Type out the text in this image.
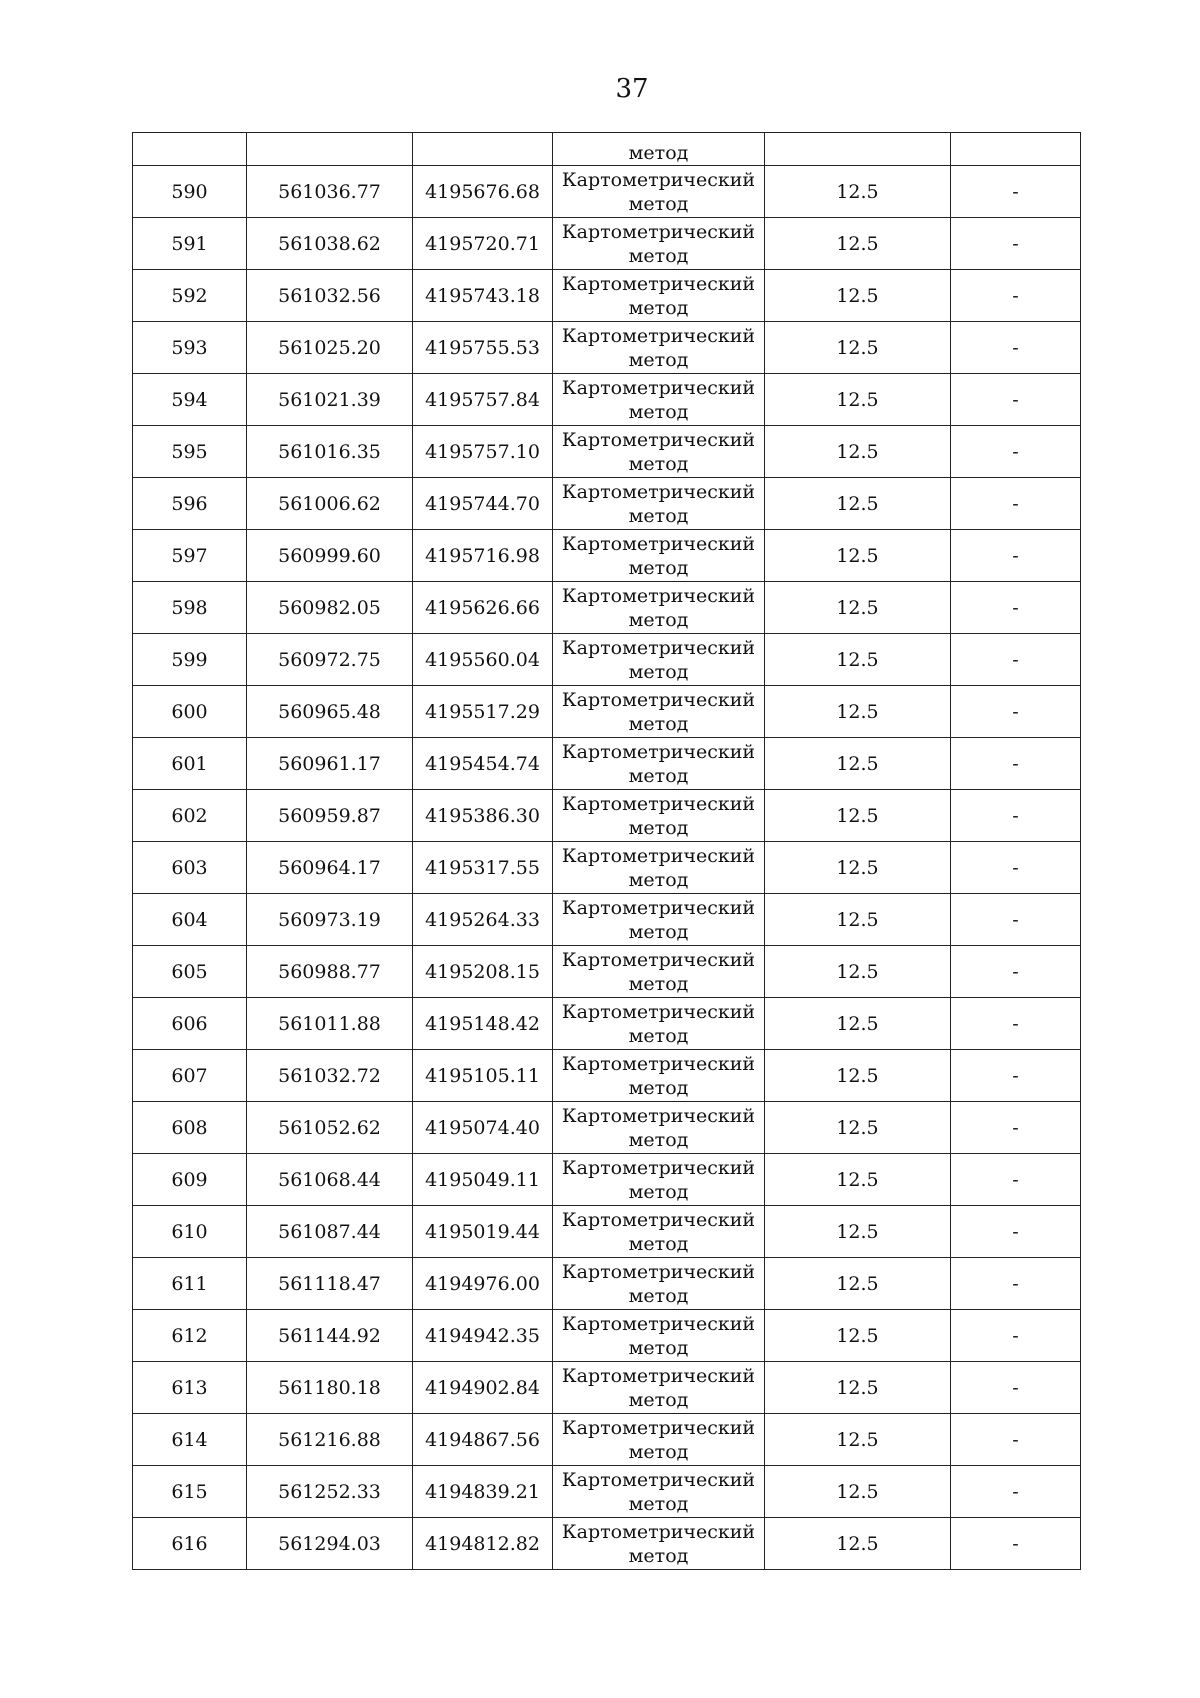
37
			метод		
590	561036.77	4195676.68	Картометрический метод	12.5	-
591	561038.62	4195720.71	Картометрический метод	12.5	-
592	561032.56	4195743.18	Картометрический метод	12.5	-
593	561025.20	4195755.53	Картометрический метод	12.5	-
594	561021.39	4195757.84	Картометрический метод	12.5	-
595	561016.35	4195757.10	Картометрический метод	12.5	-
596	561006.62	4195744.70	Картометрический метод	12.5	-
597	560999.60	4195716.98	Картометрический метод	12.5	-
598	560982.05	4195626.66	Картометрический метод	12.5	-
599	560972.75	4195560.04	Картометрический метод	12.5	-
600	560965.48	4195517.29	Картометрический метод	12.5	-
601	560961.17	4195454.74	Картометрический метод	12.5	-
602	560959.87	4195386.30	Картометрический метод	12.5	-
603	560964.17	4195317.55	Картометрический метод	12.5	-
604	560973.19	4195264.33	Картометрический метод	12.5	-
605	560988.77	4195208.15	Картометрический метод	12.5	-
606	561011.88	4195148.42	Картометрический метод	12.5	-
607	561032.72	4195105.11	Картометрический метод	12.5	-
608	561052.62	4195074.40	Картометрический метод	12.5	-
609	561068.44	4195049.11	Картометрический метод	12.5	-
610	561087.44	4195019.44	Картометрический метод	12.5	-
611	561118.47	4194976.00	Картометрический метод	12.5	-
612	561144.92	4194942.35	Картометрический метод	12.5	-
613	561180.18	4194902.84	Картометрический метод	12.5	-
614	561216.88	4194867.56	Картометрический метод	12.5	-
615	561252.33	4194839.21	Картометрический метод	12.5	-
616	561294.03	4194812.82	Картометрический метод	12.5	-
